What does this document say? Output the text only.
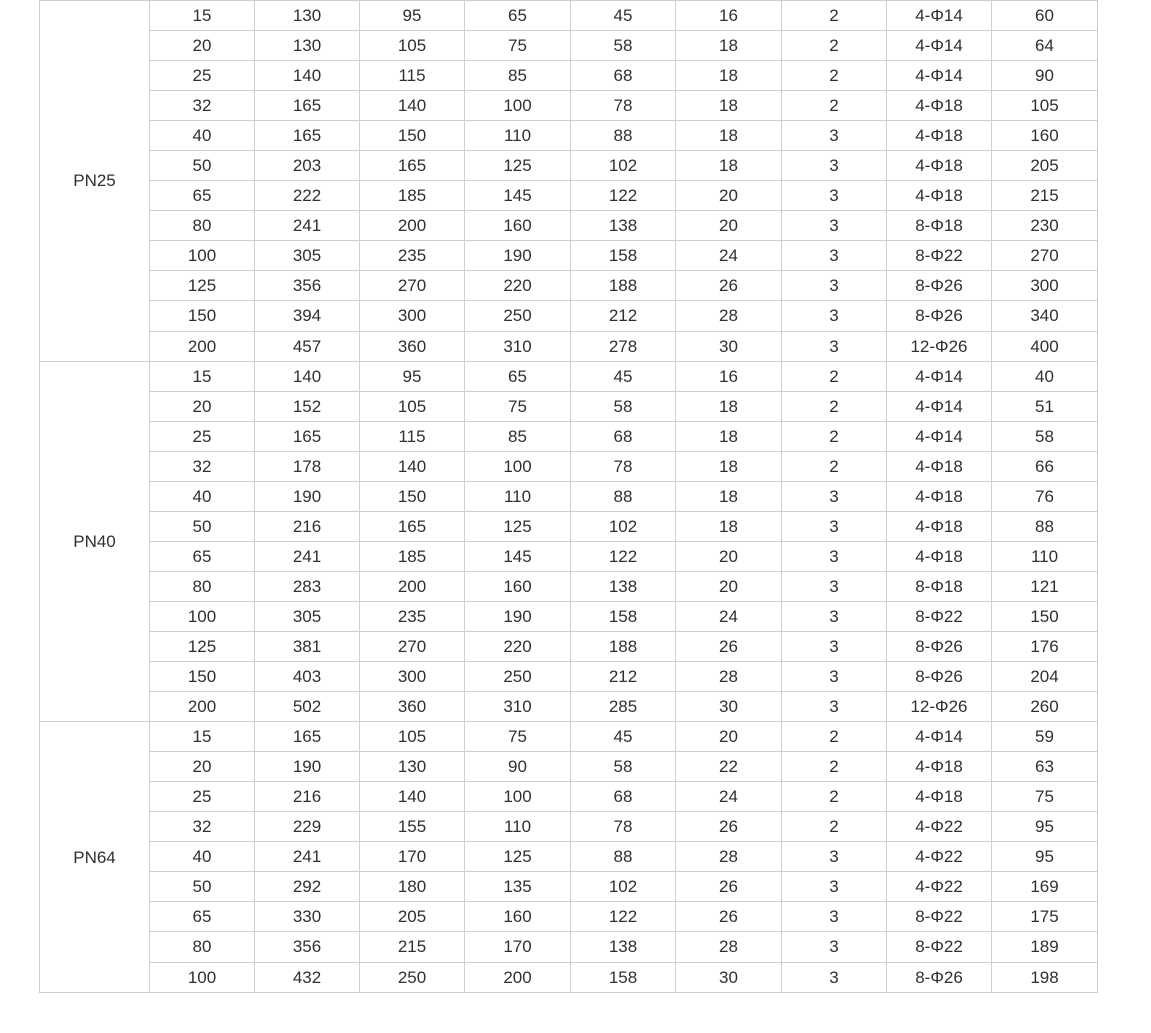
PN25	15	130	95	65	45	16	2	4-Φ14	60
	20	130	105	75	58	18	2	4-Φ14	64
	25	140	115	85	68	18	2	4-Φ14	90
	32	165	140	100	78	18	2	4-Φ18	105
	40	165	150	110	88	18	3	4-Φ18	160
	50	203	165	125	102	18	3	4-Φ18	205
	65	222	185	145	122	20	3	4-Φ18	215
	80	241	200	160	138	20	3	8-Φ18	230
	100	305	235	190	158	24	3	8-Φ22	270
	125	356	270	220	188	26	3	8-Φ26	300
	150	394	300	250	212	28	3	8-Φ26	340
	200	457	360	310	278	30	3	12-Φ26	400
PN40	15	140	95	65	45	16	2	4-Φ14	40
	20	152	105	75	58	18	2	4-Φ14	51
	25	165	115	85	68	18	2	4-Φ14	58
	32	178	140	100	78	18	2	4-Φ18	66
	40	190	150	110	88	18	3	4-Φ18	76
	50	216	165	125	102	18	3	4-Φ18	88
	65	241	185	145	122	20	3	4-Φ18	110
	80	283	200	160	138	20	3	8-Φ18	121
	100	305	235	190	158	24	3	8-Φ22	150
	125	381	270	220	188	26	3	8-Φ26	176
	150	403	300	250	212	28	3	8-Φ26	204
	200	502	360	310	285	30	3	12-Φ26	260
PN64	15	165	105	75	45	20	2	4-Φ14	59
	20	190	130	90	58	22	2	4-Φ18	63
	25	216	140	100	68	24	2	4-Φ18	75
	32	229	155	110	78	26	2	4-Φ22	95
	40	241	170	125	88	28	3	4-Φ22	95
	50	292	180	135	102	26	3	4-Φ22	169
	65	330	205	160	122	26	3	8-Φ22	175
	80	356	215	170	138	28	3	8-Φ22	189
	100	432	250	200	158	30	3	8-Φ26	198
